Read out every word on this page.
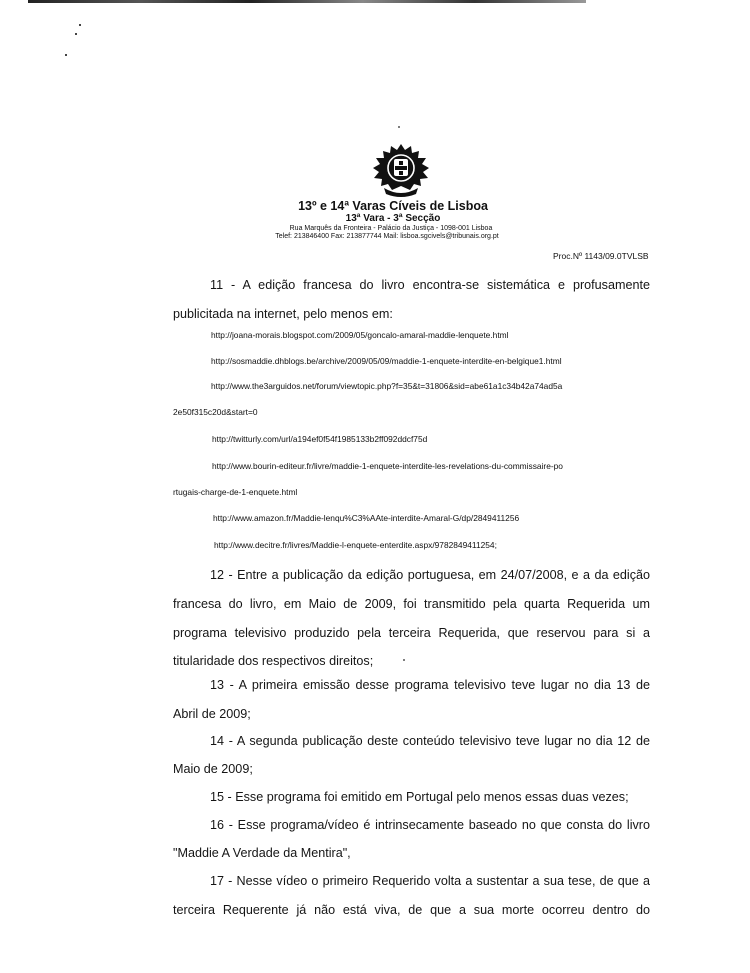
13º e 14ª Varas Cíveis de Lisboa
13ª Vara - 3ª Secção
Rua Marquês da Fronteira - Palácio da Justiça - 1098-001 Lisboa
Telef: 213846400 Fax: 213877744 Mail: lisboa.sgcivels@tribunais.org.pt
Proc.Nº 1143/09.0TVLSB
11 - A edição francesa do livro encontra-se sistemática e profusamente
publicitada na internet, pelo menos em:
http://joana-morais.blogspot.com/2009/05/goncalo-amaral-maddie-lenquete.html
http://sosmaddie.dhblogs.be/archive/2009/05/09/maddie-1-enquete-interdite-en-belgique1.html
http://www.the3arguidos.net/forum/viewtopic.php?f=35&t=31806&sid=abe61a1c34b42a74ad5a
2e50f315c20d&start=0
http://twitturly.com/url/a194ef0f54f1985133b2ff092ddcf75d
http://www.bourin-editeur.fr/livre/maddie-1-enquete-interdite-les-revelations-du-commissaire-po
rtugais-charge-de-1-enquete.html
http://www.amazon.fr/Maddie-lenqu%C3%AAte-interdite-Amaral-G/dp/2849411256
http://www.decitre.fr/livres/Maddie-l-enquete-enterdite.aspx/9782849411254;
12 - Entre a publicação da edição portuguesa, em 24/07/2008, e a da edição
francesa do livro, em Maio de 2009, foi transmitido pela quarta Requerida um
programa televisivo produzido pela terceira Requerida, que reservou para si a
titularidade dos respectivos direitos;
13 - A primeira emissão desse programa televisivo teve lugar no dia 13 de
Abril de 2009;
14 - A segunda publicação deste conteúdo televisivo teve lugar no dia 12 de
Maio de 2009;
15 - Esse programa foi emitido em Portugal pelo menos essas duas vezes;
16 - Esse programa/vídeo é intrinsecamente baseado no que consta do livro
"Maddie A Verdade da Mentira",
17 - Nesse vídeo o primeiro Requerido volta a sustentar a sua tese, de que a
terceira Requerente já não está viva, de que a sua morte ocorreu dentro do
